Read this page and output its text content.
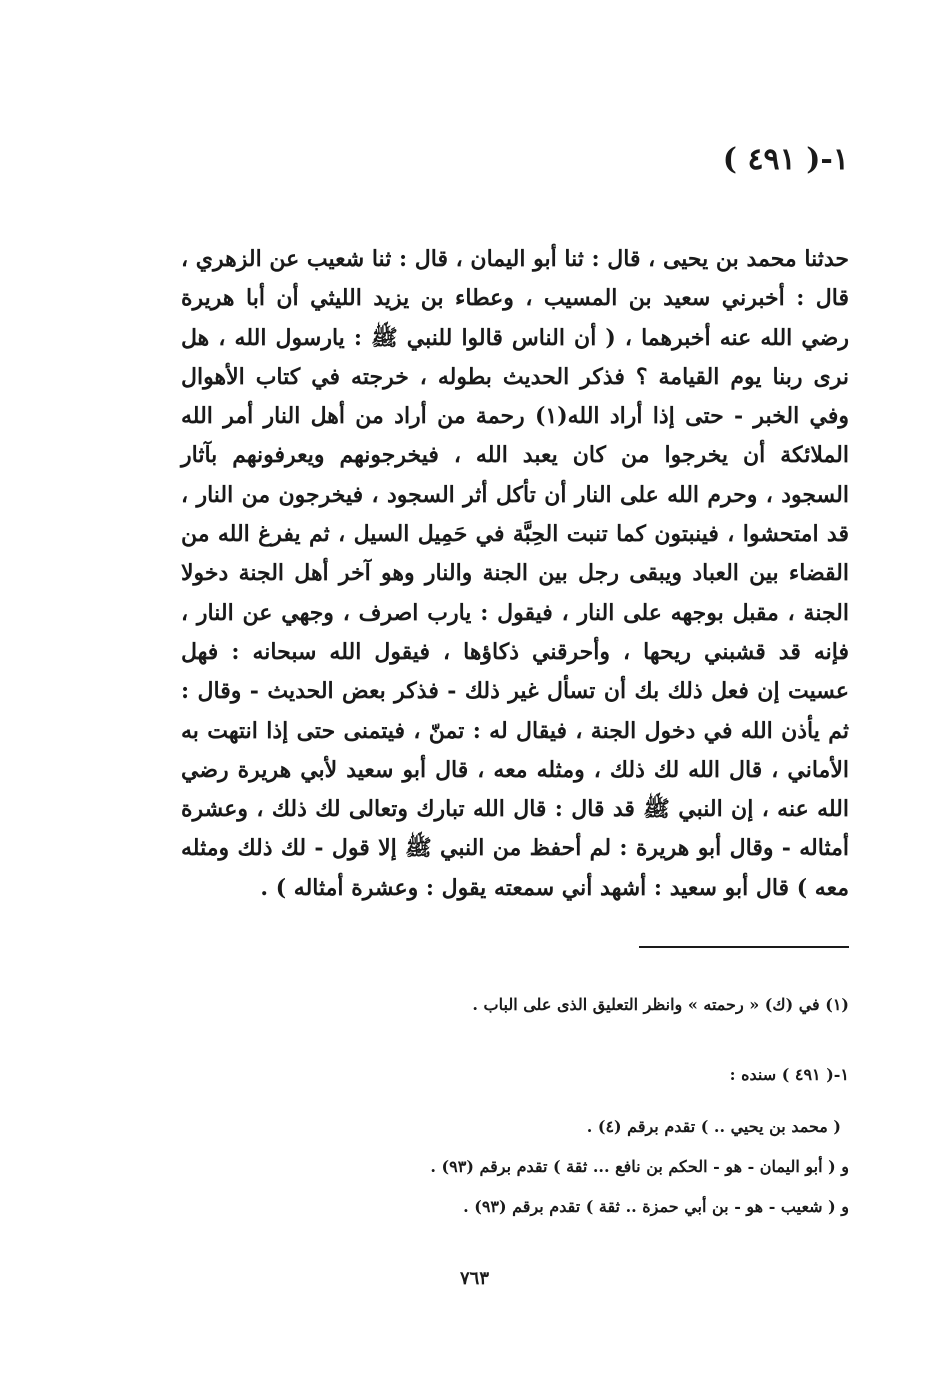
١-( ٤٩١ )
حدثنا محمد بن يحيى ، قال : ثنا أبو اليمان ، قال : ثنا شعيب عن الزهري ، قال : أخبرني سعيد بن المسيب ، وعطاء بن يزيد الليثي أن أبا هريرة رضي الله عنه أخبرهما ، ( أن الناس قالوا للنبي ﷺ : يارسول الله ، هل نرى ربنا يوم القيامة ؟ فذكر الحديث بطوله ، خرجته في كتاب الأهوال وفي الخبر - حتى إذا أراد الله(١) رحمة من أراد من أهل النار أمر الله الملائكة أن يخرجوا من كان يعبد الله ، فيخرجونهم ويعرفونهم بآثار السجود ، وحرم الله على النار أن تأكل أثر السجود ، فيخرجون من النار ، قد امتحشوا ، فينبتون كما تنبت الحِبَّة في حَمِيل السيل ، ثم يفرغ الله من القضاء بين العباد ويبقى رجل بين الجنة والنار وهو آخر أهل الجنة دخولا الجنة ، مقبل بوجهه على النار ، فيقول : يارب اصرف ، وجهي عن النار ، فإنه قد قشبني ريحها ، وأحرقني ذكاؤها ، فيقول الله سبحانه : فهل عسيت إن فعل ذلك بك أن تسأل غير ذلك - فذكر بعض الحديث - وقال : ثم يأذن الله في دخول الجنة ، فيقال له : تمنّ ، فيتمنى حتى إذا انتهت به الأماني ، قال الله لك ذلك ، ومثله معه ، قال أبو سعيد لأبي هريرة رضي الله عنه ، إن النبي ﷺ قد قال : قال الله تبارك وتعالى لك ذلك ، وعشرة أمثاله - وقال أبو هريرة : لم أحفظ من النبي ﷺ إلا قول - لك ذلك ومثله معه ) قال أبو سعيد : أشهد أني سمعته يقول : وعشرة أمثاله ) .
(١) في (ك) « رحمته » وانظر التعليق الذى على الباب .
١-( ٤٩١ ) سنده :
( محمد بن يحيي .. ) تقدم برقم (٤) .
و ( أبو اليمان - هو - الحكم بن نافع ... ثقة ) تقدم برقم (٩٣) .
و ( شعيب - هو - بن أبي حمزة .. ثقة ) تقدم برقم (٩٣) .
٧٦٣
